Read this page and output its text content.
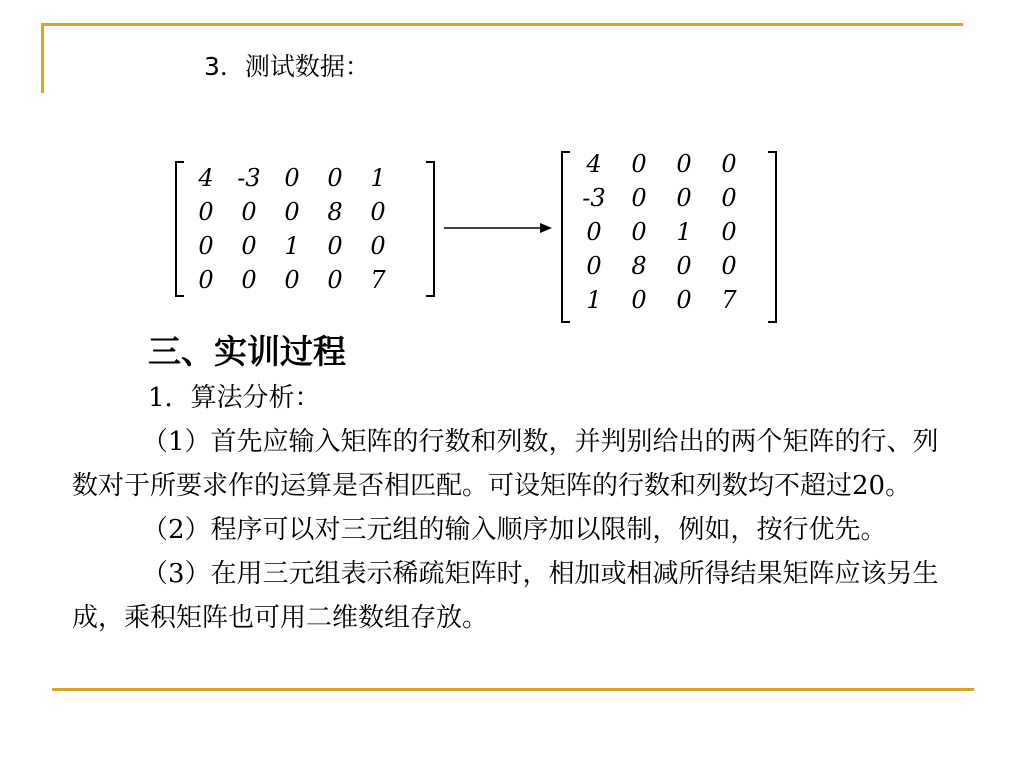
3．测试数据：
4 -3 0 0 1
0 0 0 8 0
0 0 1 0 0
0 0 0 0 7
4 0 0 0
-3 0 0 0
0 0 1 0
0 8 0 0
1 0 0 7
三、实训过程

1．算法分析：

（1）首先应输入矩阵的行数和列数，并判别给出的两个矩阵的行、列数对于所要求作的运算是否相匹配。可设矩阵的行数和列数均不超过20。

（2）程序可以对三元组的输入顺序加以限制，例如，按行优先。

（3）在用三元组表示稀疏矩阵时，相加或相减所得结果矩阵应该另生成，乘积矩阵也可用二维数组存放。
